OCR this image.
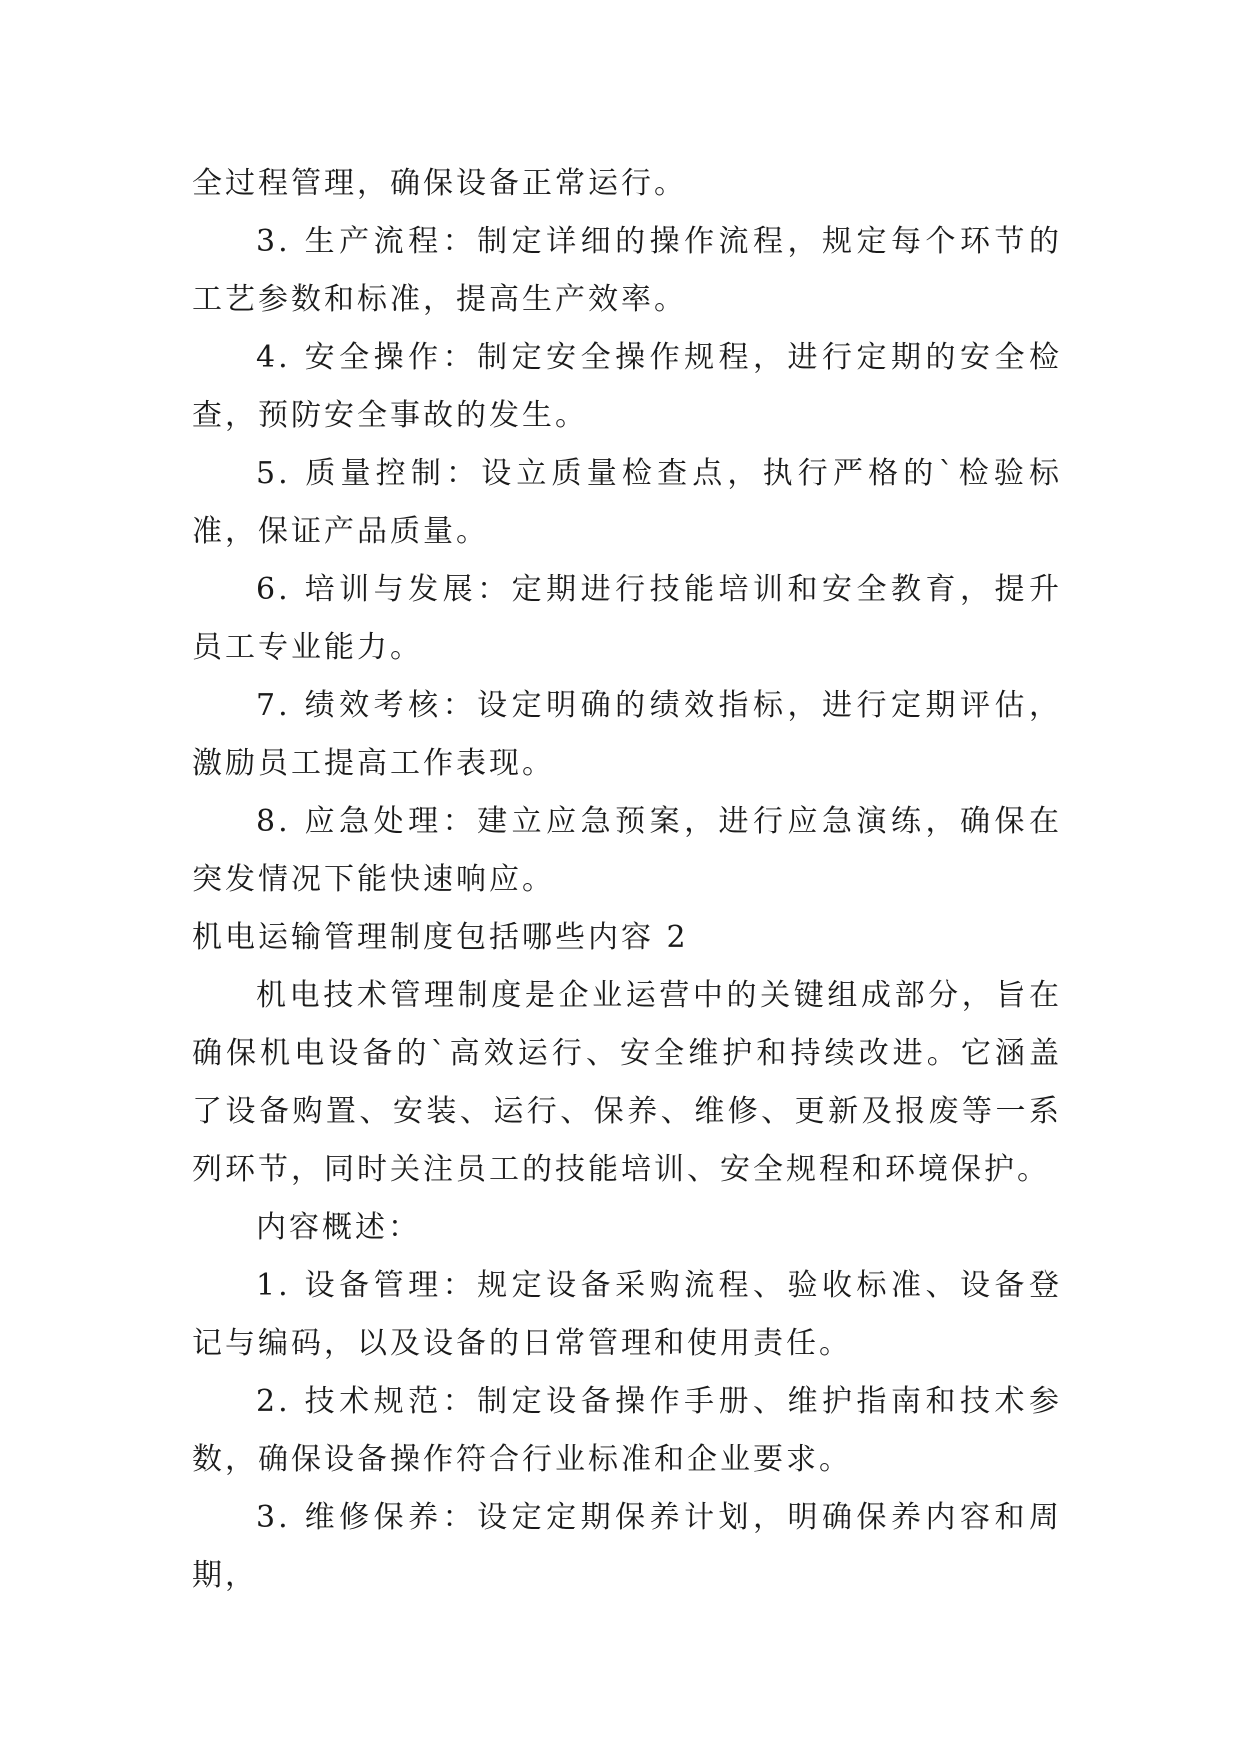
全过程管理，确保设备正常运行。

3. 生产流程：制定详细的操作流程，规定每个环节的工艺参数和标准，提高生产效率。

4. 安全操作：制定安全操作规程，进行定期的安全检查，预防安全事故的发生。

5. 质量控制：设立质量检查点，执行严格的`检验标准，保证产品质量。

6. 培训与发展：定期进行技能培训和安全教育，提升员工专业能力。

7. 绩效考核：设定明确的绩效指标，进行定期评估，激励员工提高工作表现。

8. 应急处理：建立应急预案，进行应急演练，确保在突发情况下能快速响应。

机电运输管理制度包括哪些内容 2

机电技术管理制度是企业运营中的关键组成部分，旨在确保机电设备的`高效运行、安全维护和持续改进。它涵盖了设备购置、安装、运行、保养、维修、更新及报废等一系列环节，同时关注员工的技能培训、安全规程和环境保护。

内容概述：

1. 设备管理：规定设备采购流程、验收标准、设备登记与编码，以及设备的日常管理和使用责任。

2. 技术规范：制定设备操作手册、维护指南和技术参数，确保设备操作符合行业标准和企业要求。

3. 维修保养：设定定期保养计划，明确保养内容和周期，
